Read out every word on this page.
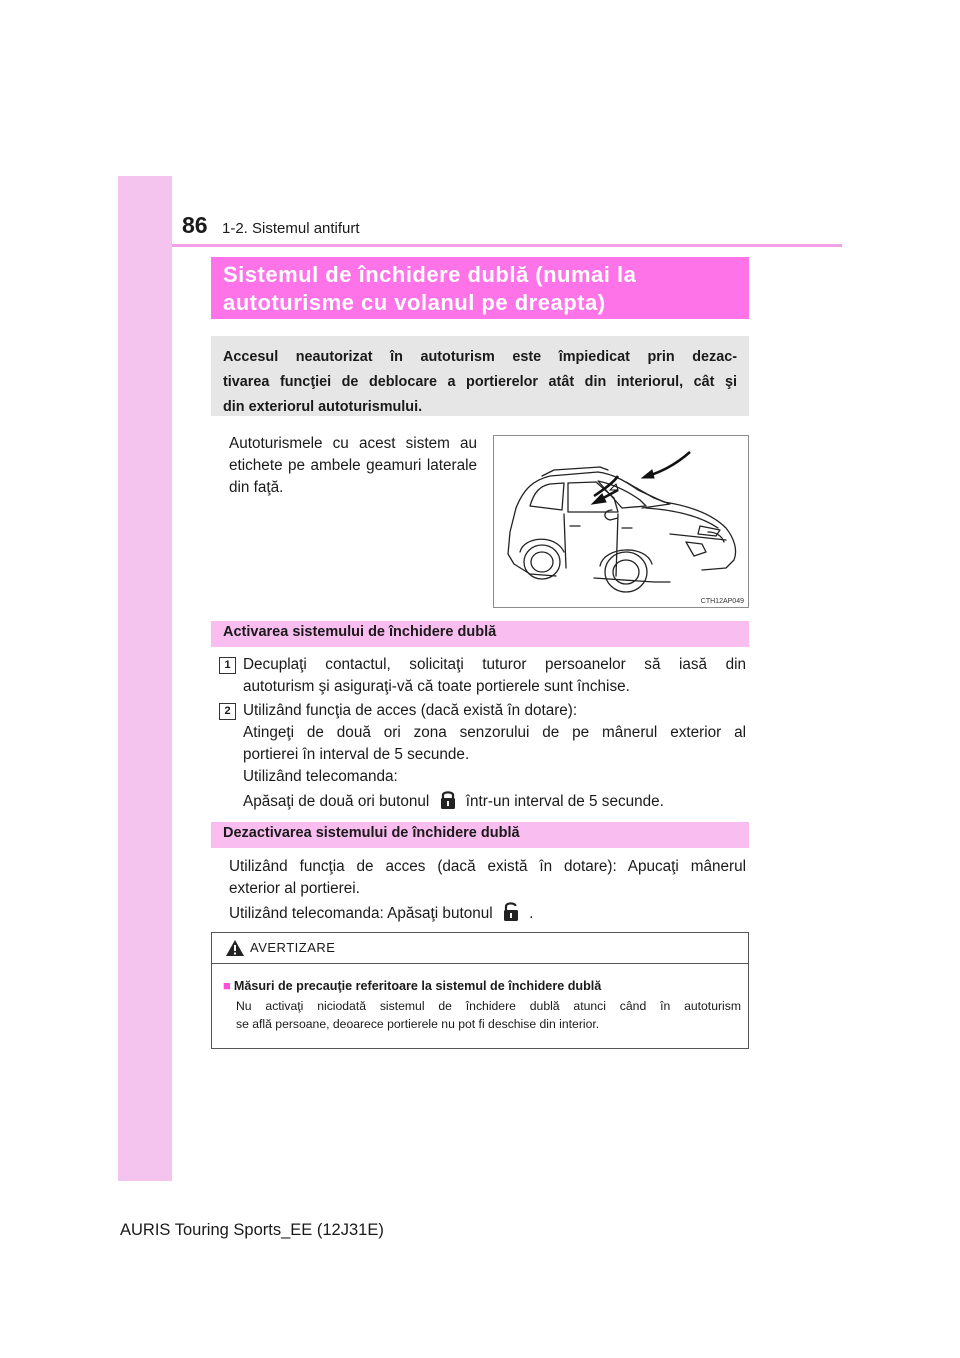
86 1-2. Sistemul antifurt
Sistemul de închidere dublă (numai la
autoturisme cu volanul pe dreapta)
Accesul neautorizat în autoturism este împiedicat prin dezac-
tivarea funcţiei de deblocare a portierelor atât din interiorul, cât şi
din exteriorul autoturismului.
Autoturismele cu acest sistem au
etichete pe ambele geamuri laterale
din faţă.
CTH12AP049
Activarea sistemului de închidere dublă
1 Decuplaţi contactul, solicitaţi tuturor persoanelor să iasă din
autoturism şi asiguraţi-vă că toate portierele sunt închise.
2 Utilizând funcţia de acces (dacă există în dotare):
Atingeţi de două ori zona senzorului de pe mânerul exterior al
portierei în interval de 5 secunde.
Utilizând telecomanda:
Apăsaţi de două ori butonul într-un interval de 5 secunde.
Dezactivarea sistemului de închidere dublă
Utilizând funcţia de acces (dacă există în dotare): Apucaţi mânerul
exterior al portierei.
Utilizând telecomanda: Apăsaţi butonul .
AVERTIZARE
■ Măsuri de precauţie referitoare la sistemul de închidere dublă
Nu activaţi niciodată sistemul de închidere dublă atunci când în autoturism
se află persoane, deoarece portierele nu pot fi deschise din interior.
AURIS Touring Sports_EE (12J31E)
